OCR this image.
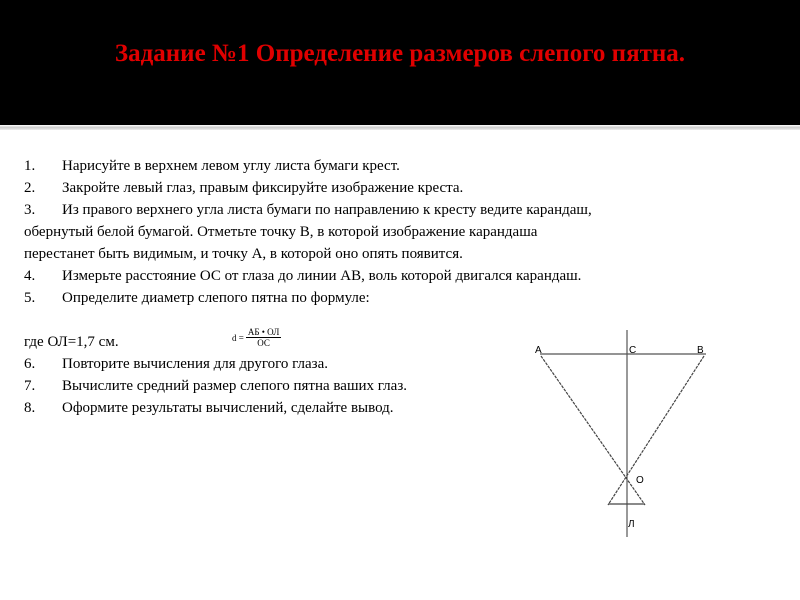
Задание №1 Определение размеров слепого пятна.
1.	Нарисуйте в верхнем левом углу листа бумаги крест.
2.	Закройте левый глаз, правым фиксируйте изображение креста.
3.	Из правого верхнего угла листа бумаги по направлению к кресту ведите карандаш,
обернутый белой бумагой. Отметьте точку В, в которой изображение карандаша
перестанет быть видимым, и точку А, в которой оно опять появится.
4.	Измерьте расстояние ОС от глаза до линии АВ, воль которой двигался карандаш.
5.	Определите диаметр слепого пятна по формуле:

где ОЛ=1,7 см.
6.	Повторите вычисления для другого глаза.
7.	Вычислите средний размер слепого пятна ваших глаз.
8.	Оформите результаты вычислений, сделайте вывод.
$d = \frac{АБ • ОЛ}{ОС}$
А	С	В
О
Л
